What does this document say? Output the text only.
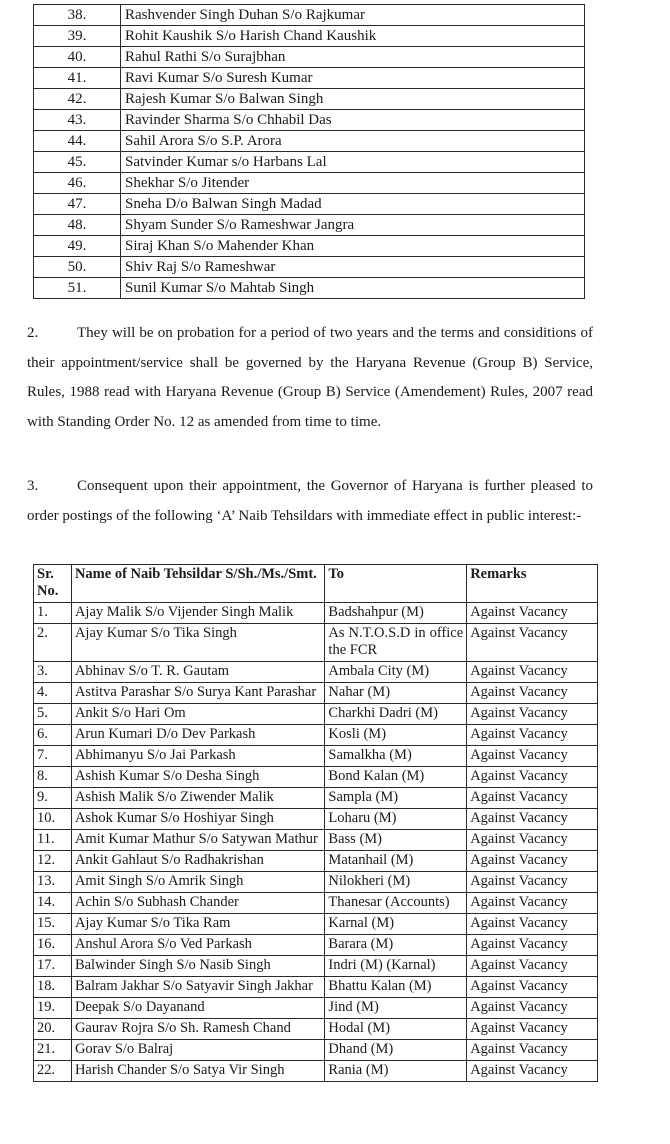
38.	Rashvender Singh Duhan S/o Rajkumar
39.	Rohit Kaushik S/o Harish Chand Kaushik
40.	Rahul Rathi S/o Surajbhan
41.	Ravi Kumar S/o Suresh Kumar
42.	Rajesh Kumar S/o Balwan Singh
43.	Ravinder Sharma S/o Chhabil Das
44.	Sahil Arora S/o S.P. Arora
45.	Satvinder Kumar s/o Harbans Lal
46.	Shekhar S/o Jitender
47.	Sneha D/o Balwan Singh Madad
48.	Shyam Sunder S/o Rameshwar Jangra
49.	Siraj Khan S/o Mahender Khan
50.	Shiv Raj S/o Rameshwar
51.	Sunil Kumar S/o Mahtab Singh
2.	They will be on probation for a period of two years and the terms and considitions of their appointment/service shall be governed by the Haryana Revenue (Group B) Service, Rules, 1988 read with Haryana Revenue (Group B) Service (Amendement) Rules, 2007 read with Standing Order No. 12 as amended from time to time.
3.	Consequent upon their appointment, the Governor of Haryana is further pleased to order postings of the following ‘A’ Naib Tehsildars with immediate effect in public interest:-
Sr. No.	Name of Naib Tehsildar S/Sh./Ms./Smt.	To	Remarks
1.	Ajay Malik S/o Vijender Singh Malik	Badshahpur (M)	Against Vacancy
2.	Ajay Kumar S/o Tika Singh	As N.T.O.S.D in office the FCR	Against Vacancy
3.	Abhinav S/o T. R. Gautam	Ambala City (M)	Against Vacancy
4.	Astitva Parashar S/o Surya Kant Parashar	Nahar (M)	Against Vacancy
5.	Ankit S/o Hari Om	Charkhi Dadri (M)	Against Vacancy
6.	Arun Kumari D/o Dev Parkash	Kosli (M)	Against Vacancy
7.	Abhimanyu S/o Jai Parkash	Samalkha (M)	Against Vacancy
8.	Ashish Kumar S/o Desha Singh	Bond Kalan (M)	Against Vacancy
9.	Ashish Malik S/o Ziwender Malik	Sampla (M)	Against Vacancy
10.	Ashok Kumar S/o Hoshiyar Singh	Loharu (M)	Against Vacancy
11.	Amit Kumar Mathur S/o Satywan Mathur	Bass (M)	Against Vacancy
12.	Ankit Gahlaut S/o Radhakrishan	Matanhail (M)	Against Vacancy
13.	Amit Singh S/o Amrik Singh	Nilokheri (M)	Against Vacancy
14.	Achin S/o Subhash Chander	Thanesar (Accounts)	Against Vacancy
15.	Ajay Kumar S/o Tika Ram	Karnal (M)	Against Vacancy
16.	Anshul Arora S/o Ved Parkash	Barara (M)	Against Vacancy
17.	Balwinder Singh S/o Nasib Singh	Indri (M) (Karnal)	Against Vacancy
18.	Balram Jakhar S/o Satyavir Singh Jakhar	Bhattu Kalan (M)	Against Vacancy
19.	Deepak S/o Dayanand	Jind (M)	Against Vacancy
20.	Gaurav Rojra S/o Sh. Ramesh Chand	Hodal (M)	Against Vacancy
21.	Gorav S/o Balraj	Dhand (M)	Against Vacancy
22.	Harish Chander S/o Satya Vir Singh	Rania (M)	Against Vacancy
